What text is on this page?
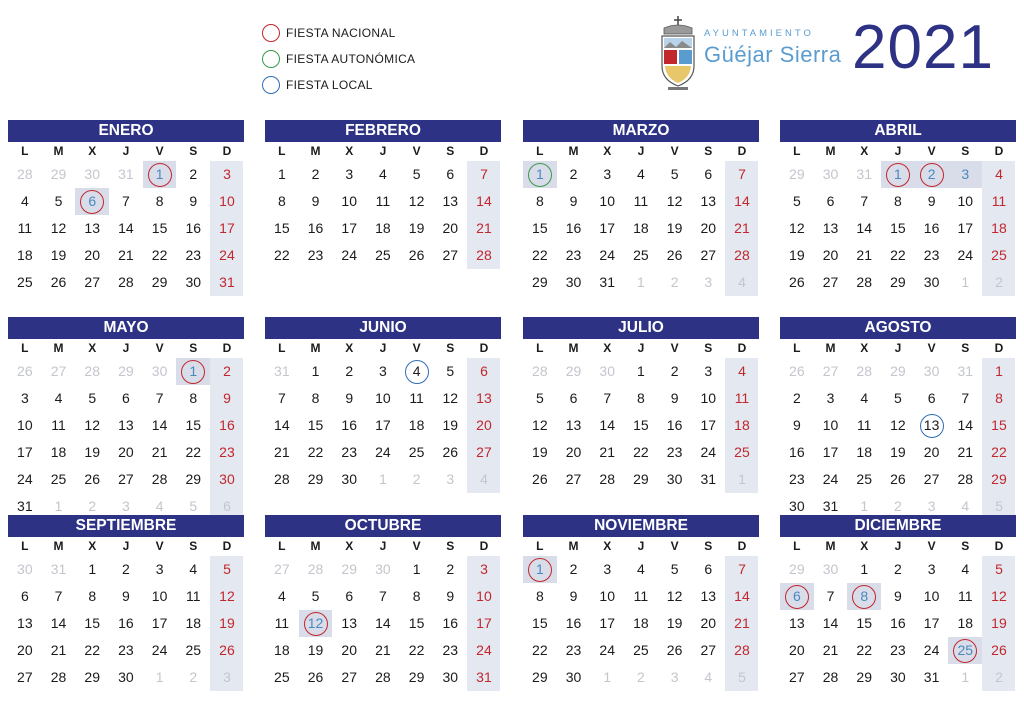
FIESTA NACIONAL
FIESTA AUTONÓMICA
FIESTA LOCAL
AYUNTAMIENTO
Güéjar Sierra 2021
ENERO
L	M	X	J	V	S	D
28	29	30	31	1	2	3
4	5	6	7	8	9	10
11	12	13	14	15	16	17
18	19	20	21	22	23	24
25	26	27	28	29	30	31
FEBRERO
L	M	X	J	V	S	D
1	2	3	4	5	6	7
8	9	10	11	12	13	14
15	16	17	18	19	20	21
22	23	24	25	26	27	28
MARZO
L	M	X	J	V	S	D
1	2	3	4	5	6	7
8	9	10	11	12	13	14
15	16	17	18	19	20	21
22	23	24	25	26	27	28
29	30	31	1	2	3	4
ABRIL
L	M	X	J	V	S	D
29	30	31	1	2	3	4
5	6	7	8	9	10	11
12	13	14	15	16	17	18
19	20	21	22	23	24	25
26	27	28	29	30	1	2
MAYO
L	M	X	J	V	S	D
26	27	28	29	30	1	2
3	4	5	6	7	8	9
10	11	12	13	14	15	16
17	18	19	20	21	22	23
24	25	26	27	28	29	30
31	1	2	3	4	5	6
JUNIO
L	M	X	J	V	S	D
31	1	2	3	4	5	6
7	8	9	10	11	12	13
14	15	16	17	18	19	20
21	22	23	24	25	26	27
28	29	30	1	2	3	4
JULIO
L	M	X	J	V	S	D
28	29	30	1	2	3	4
5	6	7	8	9	10	11
12	13	14	15	16	17	18
19	20	21	22	23	24	25
26	27	28	29	30	31	1
AGOSTO
L	M	X	J	V	S	D
26	27	28	29	30	31	1
2	3	4	5	6	7	8
9	10	11	12	13	14	15
16	17	18	19	20	21	22
23	24	25	26	27	28	29
30	31	1	2	3	4	5
SEPTIEMBRE
L	M	X	J	V	S	D
30	31	1	2	3	4	5
6	7	8	9	10	11	12
13	14	15	16	17	18	19
20	21	22	23	24	25	26
27	28	29	30	1	2	3
OCTUBRE
L	M	X	J	V	S	D
27	28	29	30	1	2	3
4	5	6	7	8	9	10
11	12	13	14	15	16	17
18	19	20	21	22	23	24
25	26	27	28	29	30	31
NOVIEMBRE
L	M	X	J	V	S	D
1	2	3	4	5	6	7
8	9	10	11	12	13	14
15	16	17	18	19	20	21
22	23	24	25	26	27	28
29	30	1	2	3	4	5
DICIEMBRE
L	M	X	J	V	S	D
29	30	1	2	3	4	5
6	7	8	9	10	11	12
13	14	15	16	17	18	19
20	21	22	23	24	25	26
27	28	29	30	31	1	2
